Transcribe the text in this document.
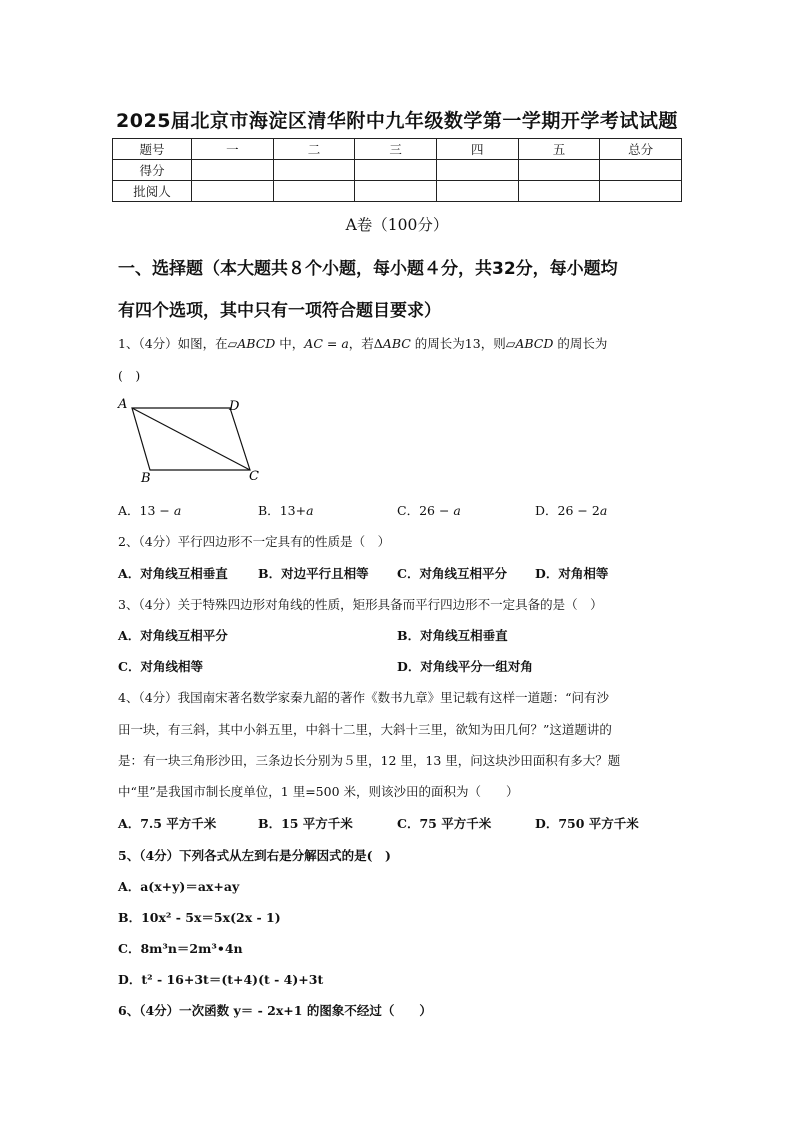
2025届北京市海淀区清华附中九年级数学第一学期开学考试试题
题号	一	二	三	四	五	总分
得分						
批阅人						
A卷（100分）
一、选择题（本大题共８个小题，每小题４分，共32分，每小题均
有四个选项，其中只有一项符合题目要求）
1、（4分）如图，在▱ABCD 中，AC = a，若ΔABC 的周长为13，则▱ABCD 的周长为
(　)
A	D
B	C
A．13 − a	B．13+a	C．26 − a	D．26 − 2a
2、（4分）平行四边形不一定具有的性质是（　）
A．对角线互相垂直 B．对边平行且相等 C．对角线互相平分 D．对角相等
3、（4分）关于特殊四边形对角线的性质，矩形具备而平行四边形不一定具备的是（　）
A．对角线互相平分	B．对角线互相垂直
C．对角线相等	D．对角线平分一组对角
4、（4分）我国南宋著名数学家秦九韶的著作《数书九章》里记载有这样一道题：“问有沙
田一块，有三斜，其中小斜五里，中斜十二里，大斜十三里，欲知为田几何？”这道题讲的
是：有一块三角形沙田，三条边长分别为５里，12 里，13 里，问这块沙田面积有多大？题
中“里”是我国市制长度单位，1 里=500 米，则该沙田的面积为（　　）
A．7.5 平方千米	B．15 平方千米	C．75 平方千米	D．750 平方千米
5、（4分）下列各式从左到右是分解因式的是(　)
A．a(x+y)＝ax+ay
B．10x² - 5x＝5x(2x - 1)
C．8m³n＝2m³•4n
D．t² - 16+3t＝(t+4)(t - 4)+3t
6、（4分）一次函数 y＝ - 2x+1 的图象不经过（　　）
